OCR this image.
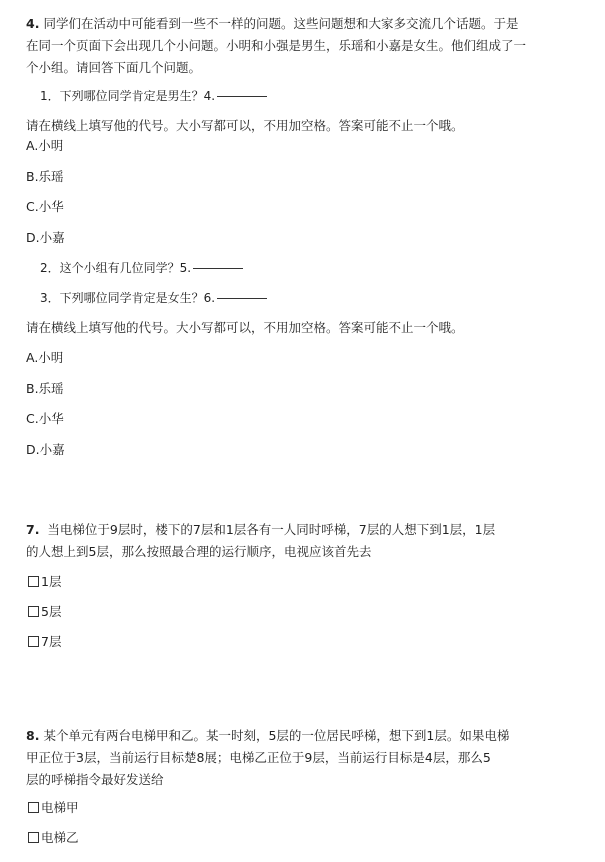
4. 同学们在活动中可能看到一些不一样的问题。这些问题想和大家多交流几个话题。于是
在同一个页面下会出现几个小问题。小明和小强是男生，乐瑶和小嘉是女生。他们组成了一
个小组。请回答下面几个问题。
1．下列哪位同学肯定是男生？4.
请在横线上填写他的代号。大小写都可以，不用加空格。答案可能不止一个哦。
A.小明
B.乐瑶
C.小华
D.小嘉
2．这个小组有几位同学？5.
3．下列哪位同学肯定是女生？6.
请在横线上填写他的代号。大小写都可以，不用加空格。答案可能不止一个哦。
A.小明
B.乐瑶
C.小华
D.小嘉
7. 当电梯位于9层时，楼下的7层和1层各有一人同时呼梯，7层的人想下到1层，1层
的人想上到5层，那么按照最合理的运行顺序，电视应该首先去
1层
5层
7层
8. 某个单元有两台电梯甲和乙。某一时刻，5层的一位居民呼梯，想下到1层。如果电梯
甲正位于3层，当前运行目标楚8展；电梯乙正位于9层，当前运行目标是4层，那么5
层的呼梯指令最好发送给
电梯甲
电梯乙
